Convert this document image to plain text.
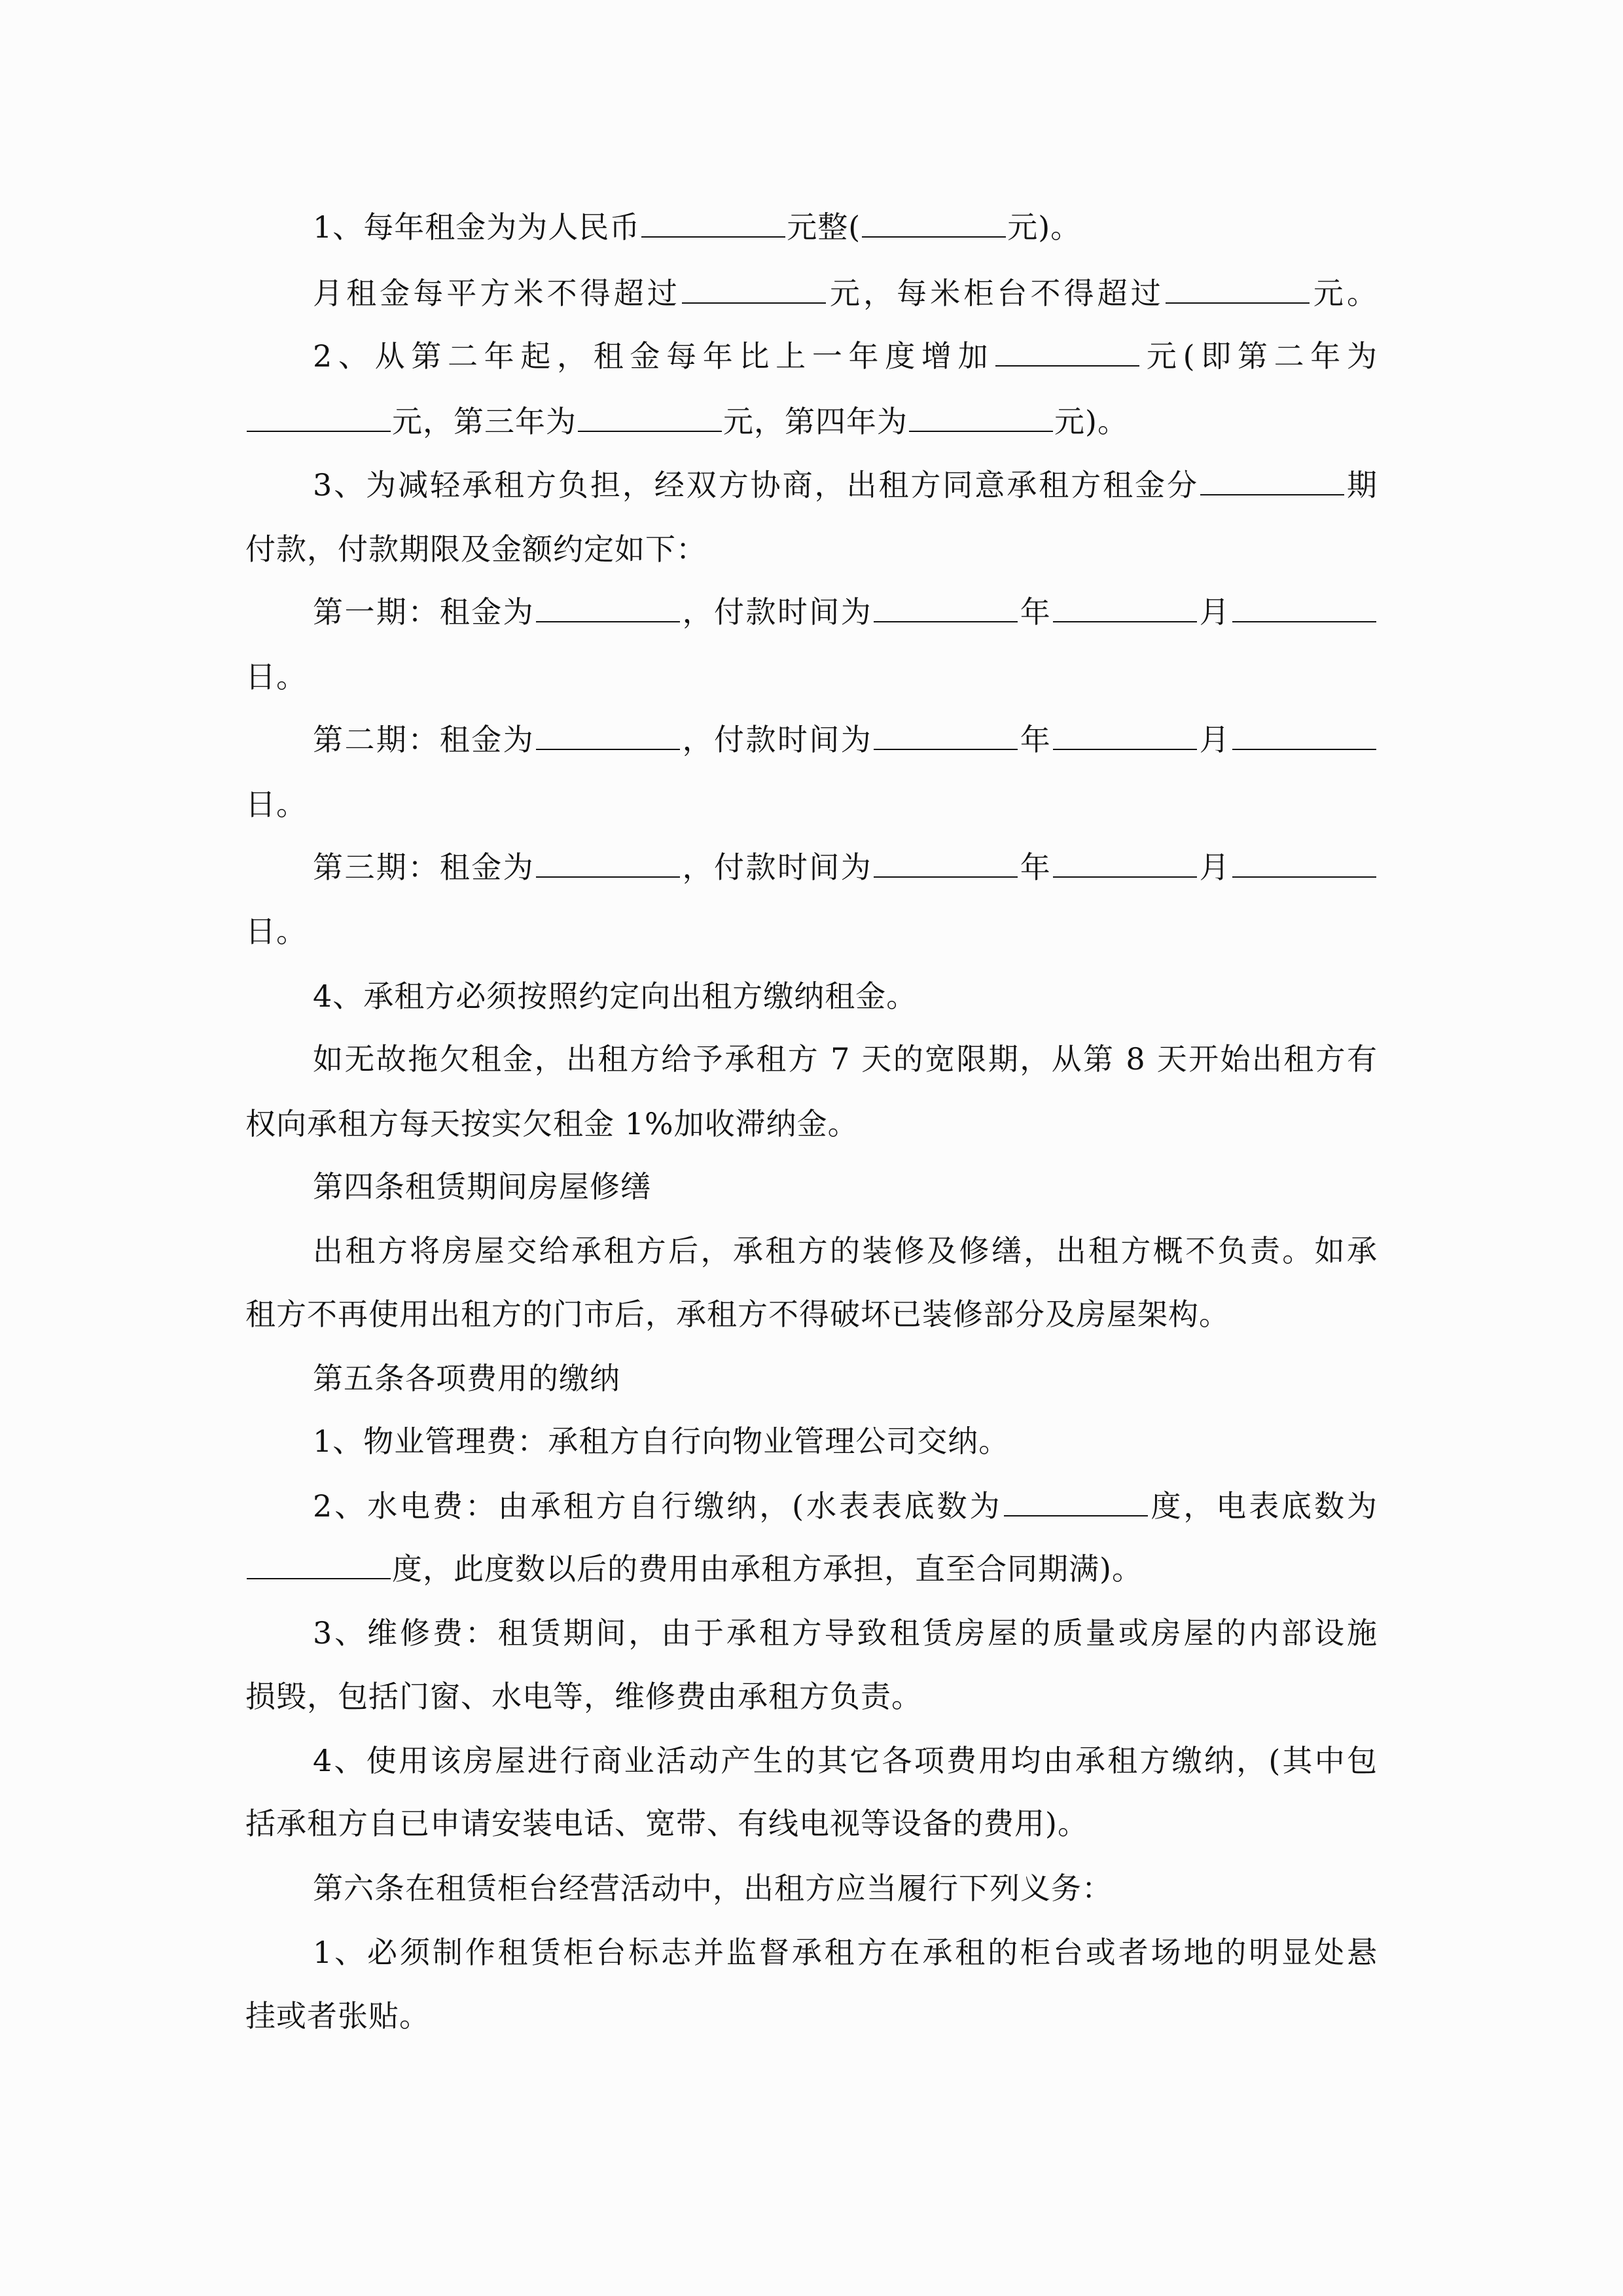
1、每年租金为为人民币	元整(	元)。
月租金每平方米不得超过	元，每米柜台不得超过	元。
2、从第二年起，租金每年比上一年度增加	元(即第二年为
元，第三年为	元，第四年为	元)。
3、为减轻承租方负担，经双方协商，出租方同意承租方租金分	期
付款，付款期限及金额约定如下：
第一期：租金为	，付款时间为	年	月
日。
第二期：租金为	，付款时间为	年	月
日。
第三期：租金为	，付款时间为	年	月
日。
4、承租方必须按照约定向出租方缴纳租金。
如无故拖欠租金，出租方给予承租方 7 天的宽限期，从第 8 天开始出租方有
权向承租方每天按实欠租金 1%加收滞纳金。
第四条租赁期间房屋修缮
出租方将房屋交给承租方后，承租方的装修及修缮，出租方概不负责。如承
租方不再使用出租方的门市后，承租方不得破坏已装修部分及房屋架构。
第五条各项费用的缴纳
1、物业管理费：承租方自行向物业管理公司交纳。
2、水电费：由承租方自行缴纳，(水表表底数为	度，电表底数为
度，此度数以后的费用由承租方承担，直至合同期满)。
3、维修费：租赁期间，由于承租方导致租赁房屋的质量或房屋的内部设施
损毁，包括门窗、水电等，维修费由承租方负责。
4、使用该房屋进行商业活动产生的其它各项费用均由承租方缴纳，(其中包
括承租方自已申请安装电话、宽带、有线电视等设备的费用)。
第六条在租赁柜台经营活动中，出租方应当履行下列义务：
1、必须制作租赁柜台标志并监督承租方在承租的柜台或者场地的明显处悬
挂或者张贴。
